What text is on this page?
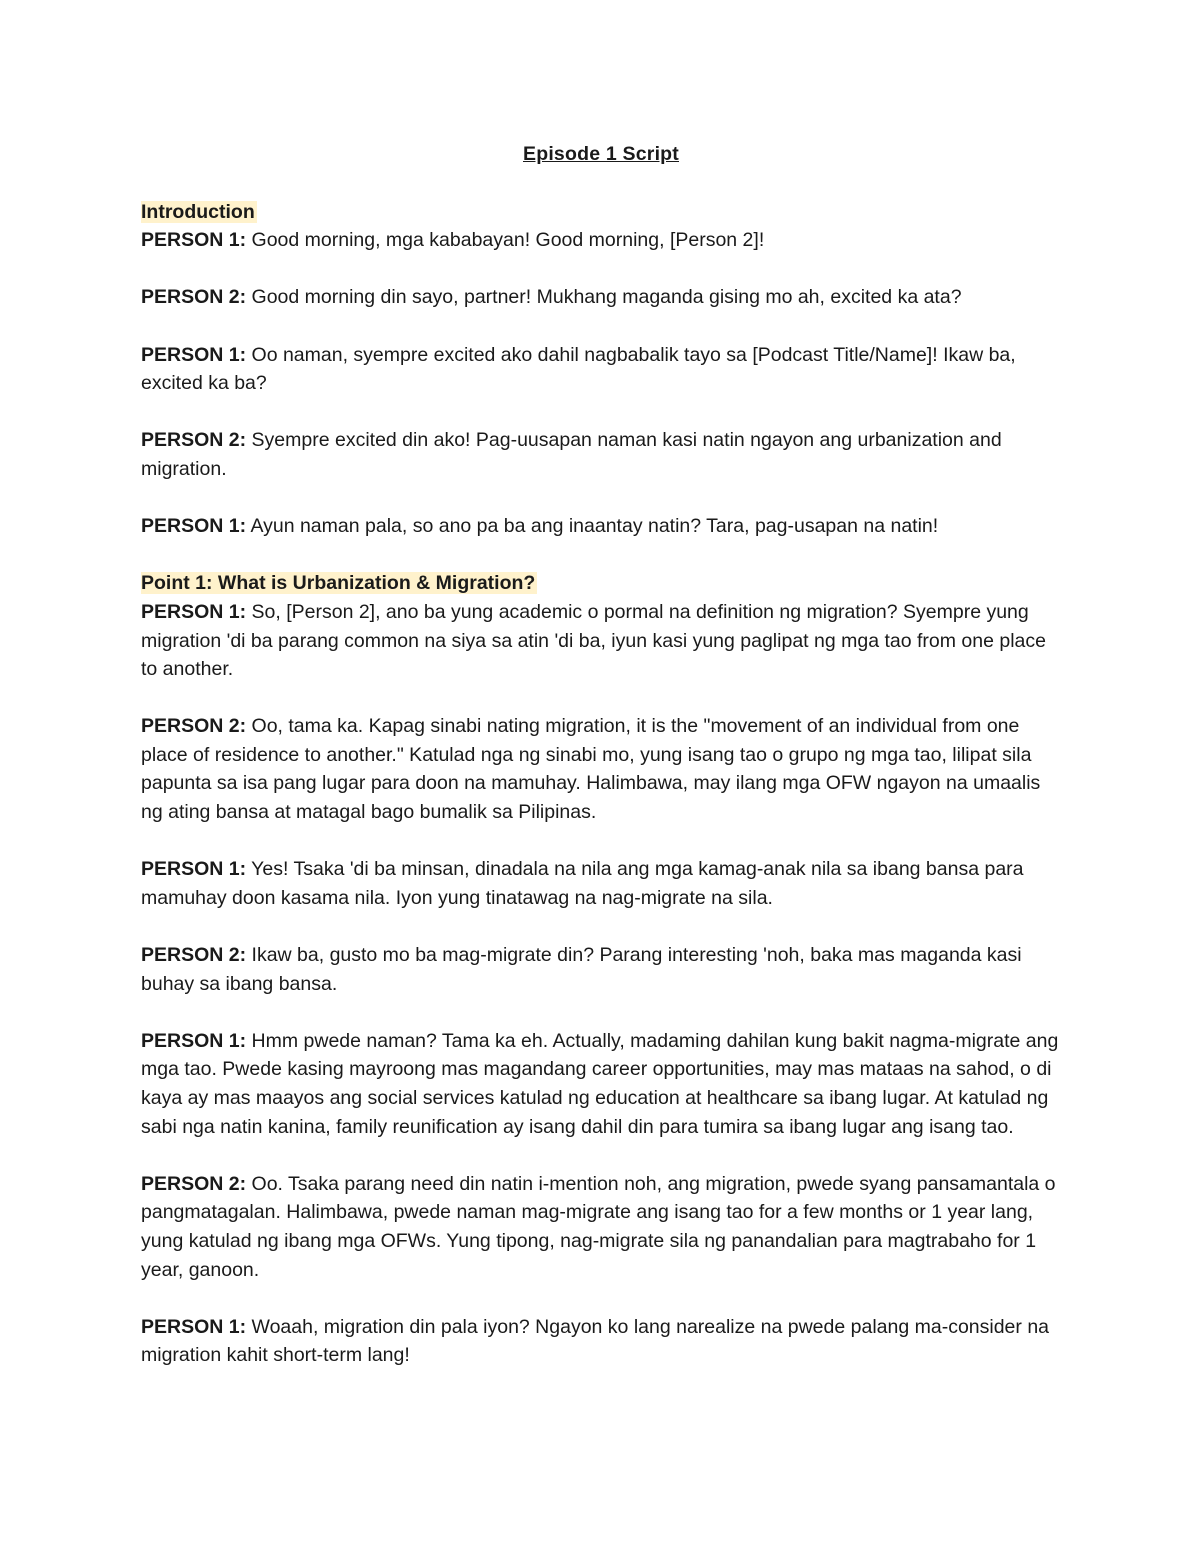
Episode 1 Script

Introduction

PERSON 1: Good morning, mga kababayan! Good morning, [Person 2]!

PERSON 2: Good morning din sayo, partner! Mukhang maganda gising mo ah, excited ka ata?

PERSON 1: Oo naman, syempre excited ako dahil nagbabalik tayo sa [Podcast Title/Name]! Ikaw ba, excited ka ba?

PERSON 2: Syempre excited din ako! Pag-uusapan naman kasi natin ngayon ang urbanization and migration.

PERSON 1: Ayun naman pala, so ano pa ba ang inaantay natin? Tara, pag-usapan na natin!

Point 1: What is Urbanization & Migration?

PERSON 1: So, [Person 2], ano ba yung academic o pormal na definition ng migration? Syempre yung migration 'di ba parang common na siya sa atin 'di ba, iyun kasi yung paglipat ng mga tao from one place to another.

PERSON 2: Oo, tama ka. Kapag sinabi nating migration, it is the "movement of an individual from one place of residence to another." Katulad nga ng sinabi mo, yung isang tao o grupo ng mga tao, lilipat sila papunta sa isa pang lugar para doon na mamuhay. Halimbawa, may ilang mga OFW ngayon na umaalis ng ating bansa at matagal bago bumalik sa Pilipinas.

PERSON 1: Yes! Tsaka 'di ba minsan, dinadala na nila ang mga kamag-anak nila sa ibang bansa para mamuhay doon kasama nila. Iyon yung tinatawag na nag-migrate na sila.

PERSON 2: Ikaw ba, gusto mo ba mag-migrate din? Parang interesting 'noh, baka mas maganda kasi buhay sa ibang bansa.

PERSON 1: Hmm pwede naman? Tama ka eh. Actually, madaming dahilan kung bakit nagma-migrate ang mga tao. Pwede kasing mayroong mas magandang career opportunities, may mas mataas na sahod, o di kaya ay mas maayos ang social services katulad ng education at healthcare sa ibang lugar. At katulad ng sabi nga natin kanina, family reunification ay isang dahil din para tumira sa ibang lugar ang isang tao.

PERSON 2: Oo. Tsaka parang need din natin i-mention noh, ang migration, pwede syang pansamantala o pangmatagalan. Halimbawa, pwede naman mag-migrate ang isang tao for a few months or 1 year lang, yung katulad ng ibang mga OFWs. Yung tipong, nag-migrate sila ng panandalian para magtrabaho for 1 year, ganoon.

PERSON 1: Woaah, migration din pala iyon? Ngayon ko lang narealize na pwede palang ma-consider na migration kahit short-term lang!
